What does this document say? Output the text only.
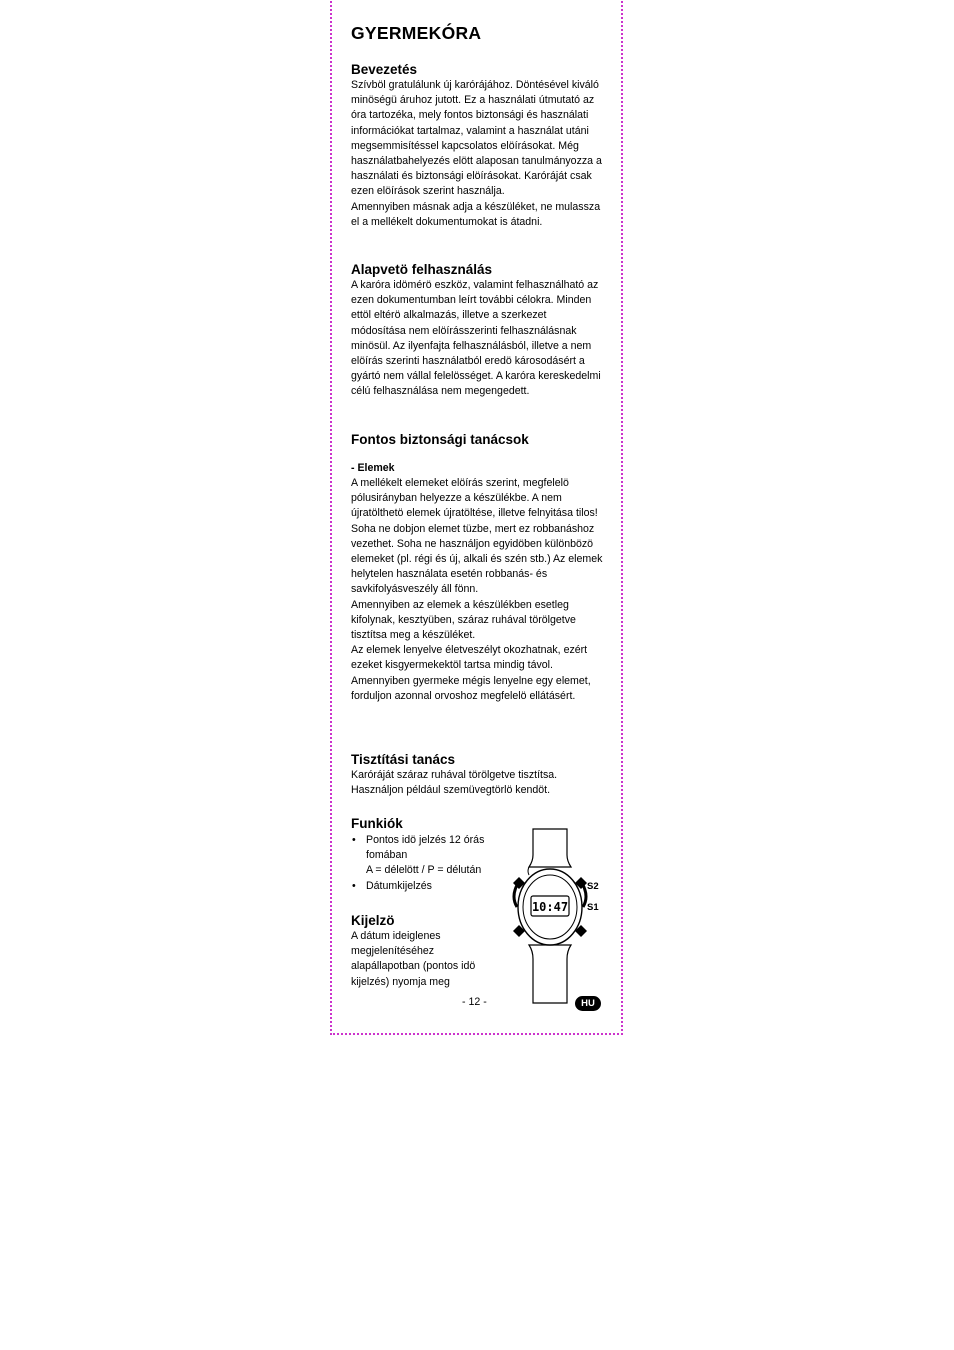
GYERMEKÓRA
Bevezetés

Szívböl gratulálunk új karórájához. Döntésével kiváló minöségü áruhoz jutott. Ez a használati útmutató az óra tartozéka, mely fontos biztonsági és használati információkat tartalmaz, valamint a használat utáni megsemmisítéssel kapcsolatos elöírásokat. Még használatbahelyezés elött alaposan tanulmányozza a használati és biztonsági elöírásokat. Karóráját csak ezen elöírások szerint használja.

Amennyiben másnak adja a készüléket, ne mulassza el a mellékelt dokumentumokat is átadni.

Alapvetö felhasználás

A karóra idömérö eszköz, valamint felhasználható az ezen dokumentumban leírt további célokra. Minden ettöl eltérö alkalmazás, illetve a szerkezet módosítása nem elöírásszerinti felhasználásnak minösül. Az ilyenfajta felhasználásból, illetve a nem elöírás szerinti használatból eredö károsodásért a gyártó nem vállal felelösséget. A karóra kereskedelmi célú felhasználása nem megengedett.

Fontos biztonsági tanácsok

- Elemek

A mellékelt elemeket elöírás szerint, megfelelö pólusirányban helyezze a készülékbe. A nem újratölthetö elemek újratöltése, illetve felnyitása tilos! Soha ne dobjon elemet tüzbe, mert ez robbanáshoz vezethet. Soha ne használjon egyidöben különbözö elemeket (pl. régi és új, alkali és szén stb.) Az elemek helytelen használata esetén robbanás- és savkifolyásveszély áll fönn.

Amennyiben az elemek a készülékben esetleg kifolynak, kesztyüben, száraz ruhával törölgetve tisztítsa meg a készüléket.

Az elemek lenyelve életveszélyt okozhatnak, ezért ezeket kisgyermekektöl tartsa mindig távol. Amennyiben gyermeke mégis lenyelne egy elemet, forduljon azonnal orvoshoz megfelelö ellátásért.

Tisztítási tanács

Karóráját száraz ruhával törölgetve tisztítsa. Használjon például szemüvegtörlö kendöt.

Funkiók
• Pontos idö jelzés 12 órás fomában
A = délelött / P = délután
• Dátumkijelzés
Kijelzö

A dátum ideiglenes megjelenítéséhez alapállapotban (pontos idö kijelzés) nyomja meg

10:47
S2
S1
- 12 -	HU
